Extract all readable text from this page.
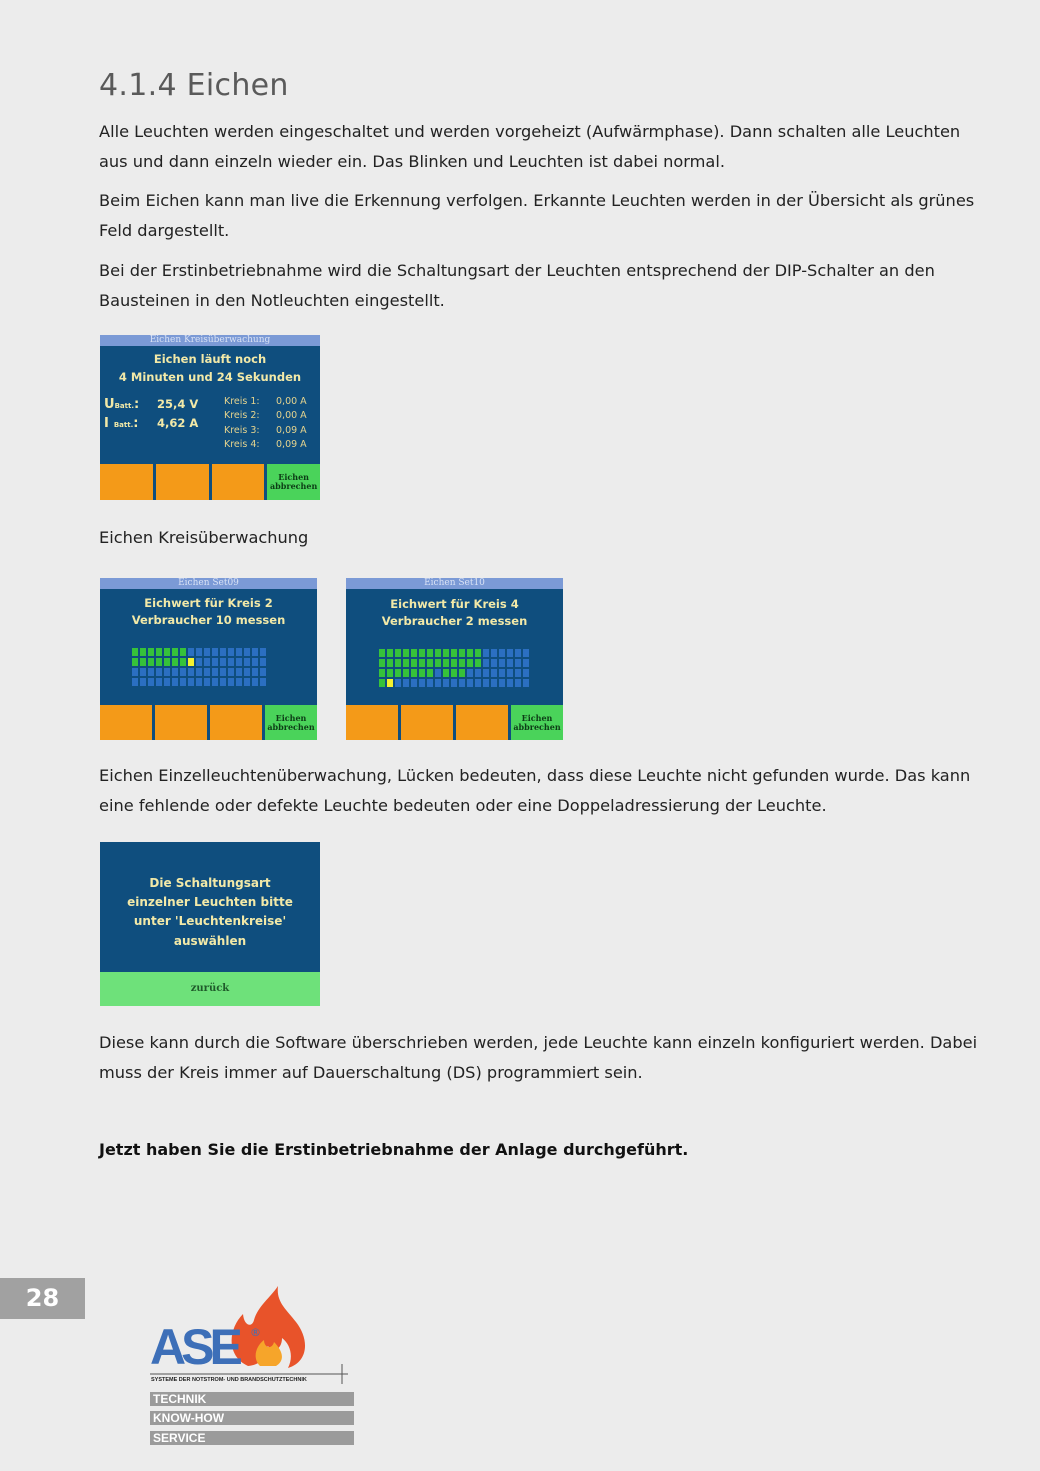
4.1.4 Eichen

Alle Leuchten werden eingeschaltet und werden vorgeheizt (Aufwärmphase). Dann schalten alle Leuchten aus und dann einzeln wieder ein. Das Blinken und Leuchten ist dabei normal.

Beim Eichen kann man live die Erkennung verfolgen. Erkannte Leuchten werden in der Übersicht als grünes Feld dargestellt.

Bei der Erstinbetriebnahme wird die Schaltungsart der Leuchten entsprechend der DIP-Schalter an den Bausteinen in den Notleuchten eingestellt.

Eichen Kreisüberwachung
Eichen läuft noch
4 Minuten und 24 Sekunden
UBatt.: 25,4 V
I Batt.: 4,62 A
Kreis 1: 0,00 A
Kreis 2: 0,00 A
Kreis 3: 0,09 A
Kreis 4: 0,09 A
Eichen abbrechen

Eichen Kreisüberwachung

Eichen Set09
Eichwert für Kreis 2
Verbraucher 10 messen
Eichen abbrechen
Eichen Set10
Eichwert für Kreis 4
Verbraucher 2 messen
Eichen abbrechen

Eichen Einzelleuchtenüberwachung, Lücken bedeuten, dass diese Leuchte nicht gefunden wurde. Das kann eine fehlende oder defekte Leuchte bedeuten oder eine Doppeladressierung der Leuchte.

Die Schaltungsart
einzelner Leuchten bitte
unter 'Leuchtenkreise'
auswählen
zurück

Diese kann durch die Software überschrieben werden, jede Leuchte kann einzeln konfiguriert werden. Dabei muss der Kreis immer auf Dauerschaltung (DS) programmiert sein.

Jetzt haben Sie die Erstinbetriebnahme der Anlage durchgeführt.

28
ASE ®
SYSTEME DER NOTSTROM- UND BRANDSCHUTZTECHNIK
TECHNIK
KNOW-HOW
SERVICE
